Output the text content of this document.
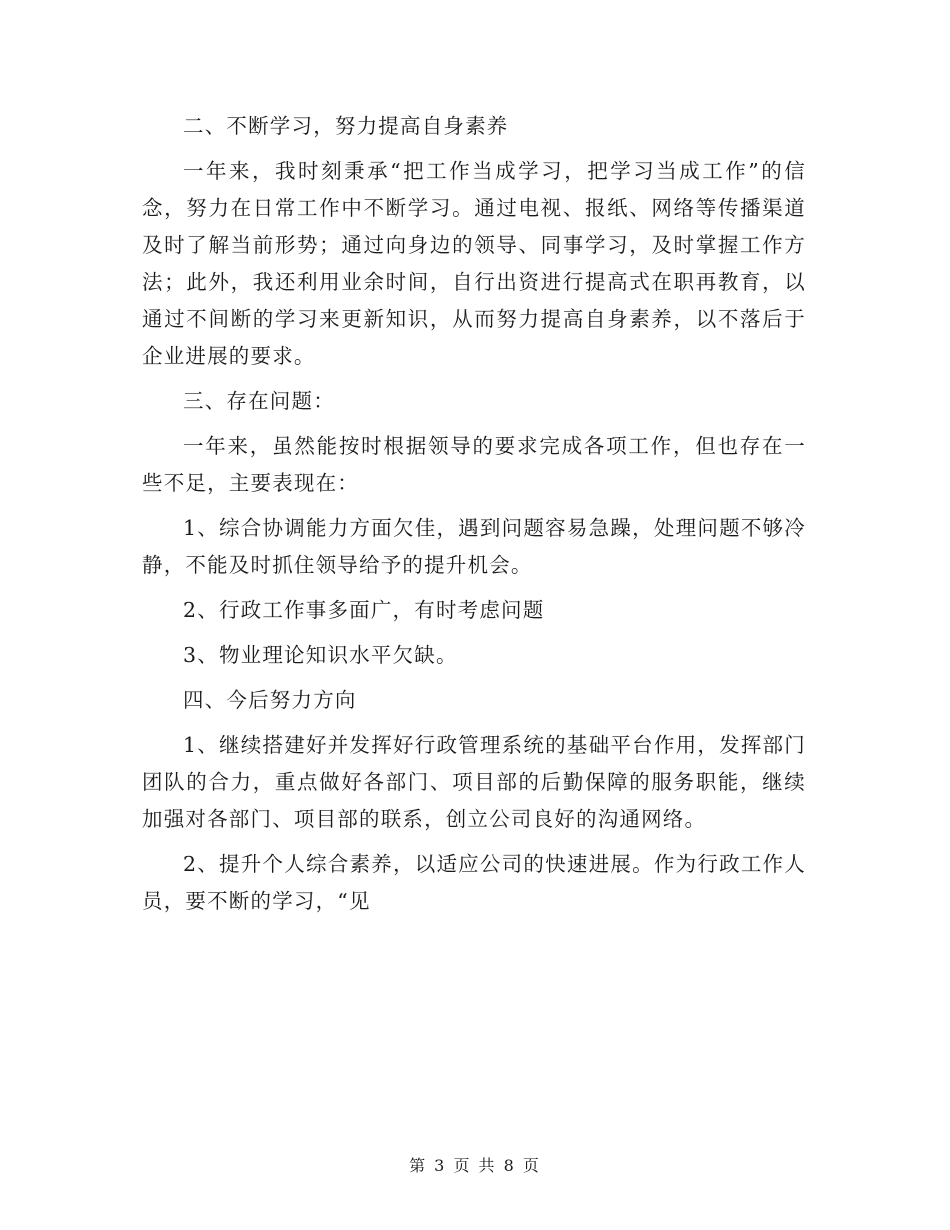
二、不断学习，努力提高自身素养

一年来，我时刻秉承“把工作当成学习，把学习当成工作”的信念，努力在日常工作中不断学习。通过电视、报纸、网络等传播渠道及时了解当前形势；通过向身边的领导、同事学习，及时掌握工作方法；此外，我还利用业余时间，自行出资进行提高式在职再教育，以通过不间断的学习来更新知识，从而努力提高自身素养，以不落后于企业进展的要求。

三、存在问题：

一年来，虽然能按时根据领导的要求完成各项工作，但也存在一些不足，主要表现在：

1、综合协调能力方面欠佳，遇到问题容易急躁，处理问题不够冷静，不能及时抓住领导给予的提升机会。

2、行政工作事多面广，有时考虑问题

3、物业理论知识水平欠缺。

四、今后努力方向

1、继续搭建好并发挥好行政管理系统的基础平台作用，发挥部门团队的合力，重点做好各部门、项目部的后勤保障的服务职能，继续加强对各部门、项目部的联系，创立公司良好的沟通网络。

2、提升个人综合素养，以适应公司的快速进展。作为行政工作人员，要不断的学习，“见

第 3 页 共 8 页
